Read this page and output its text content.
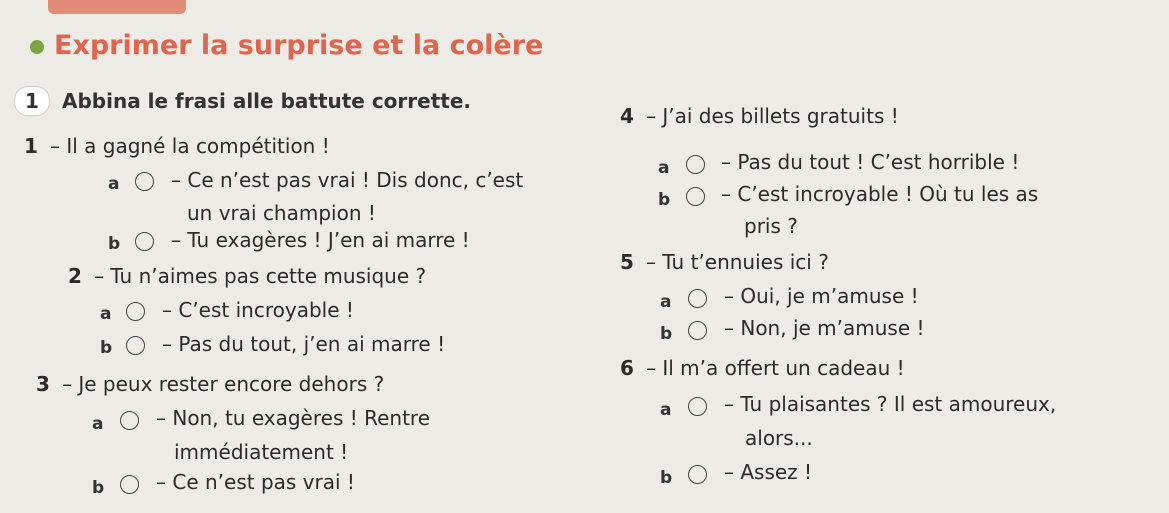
Exprimer la surprise et la colère
1 Abbina le frasi alle battute corrette.
1 – Il a gagné la compétition !
a	– Ce n’est pas vrai ! Dis donc, c’est
un vrai champion !
b	– Tu exagères ! J’en ai marre !
2 – Tu n’aimes pas cette musique ?
a	– C’est incroyable !
b – Pas du tout, j’en ai marre !
3 – Je peux rester encore dehors ?
a	– Non, tu exagères ! Rentre
immédiatement !
b	– Ce n’est pas vrai !
4 – J’ai des billets gratuits !
a	– Pas du tout ! C’est horrible !
b	– C’est incroyable ! Où tu les as
pris ?
5 – Tu t’ennuies ici ?
a	– Oui, je m’amuse !
b	– Non, je m’amuse !
6 – Il m’a offert un cadeau !
a	– Tu plaisantes ? Il est amoureux,
alors...
b	– Assez !
